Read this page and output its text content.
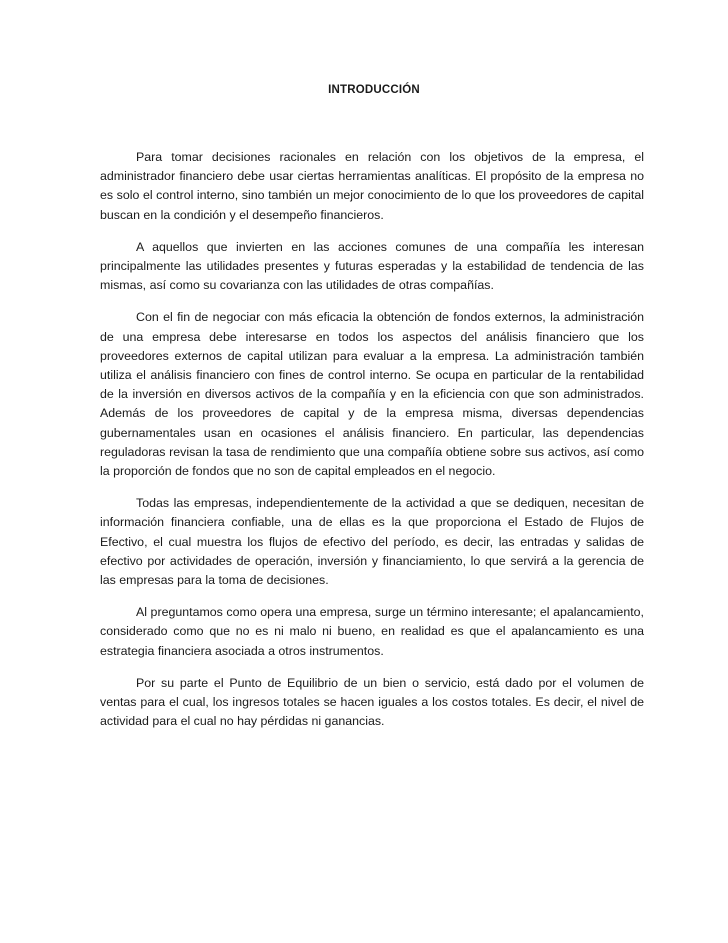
INTRODUCCIÓN

Para tomar decisiones racionales en relación con los objetivos de la empresa, el administrador financiero debe usar ciertas herramientas analíticas. El propósito de la empresa no es solo el control interno, sino también un mejor conocimiento de lo que los proveedores de capital buscan en la condición y el desempeño financieros.

A aquellos que invierten en las acciones comunes de una compañía les interesan principalmente las utilidades presentes y futuras esperadas y la estabilidad de tendencia de las mismas, así como su covarianza con las utilidades de otras compañías.

Con el fin de negociar con más eficacia la obtención de fondos externos, la administración de una empresa debe interesarse en todos los aspectos del análisis financiero que los proveedores externos de capital utilizan para evaluar a la empresa. La administración también utiliza el análisis financiero con fines de control interno. Se ocupa en particular de la rentabilidad de la inversión en diversos activos de la compañía y en la eficiencia con que son administrados. Además de los proveedores de capital y de la empresa misma, diversas dependencias gubernamentales usan en ocasiones el análisis financiero. En particular, las dependencias reguladoras revisan la tasa de rendimiento que una compañía obtiene sobre sus activos, así como la proporción de fondos que no son de capital empleados en el negocio.

Todas las empresas, independientemente de la actividad a que se dediquen, necesitan de información financiera confiable, una de ellas es la que proporciona el Estado de Flujos de Efectivo, el cual muestra los flujos de efectivo del período, es decir, las entradas y salidas de efectivo por actividades de operación, inversión y financiamiento, lo que servirá a la gerencia de las empresas para la toma de decisiones.

Al preguntamos como opera una empresa, surge un término interesante; el apalancamiento, considerado como que no es ni malo ni bueno, en realidad es que el apalancamiento es una estrategia financiera asociada a otros instrumentos.

Por su parte el Punto de Equilibrio de un bien o servicio, está dado por el volumen de ventas para el cual, los ingresos totales se hacen iguales a los costos totales. Es decir, el nivel de actividad para el cual no hay pérdidas ni ganancias.
